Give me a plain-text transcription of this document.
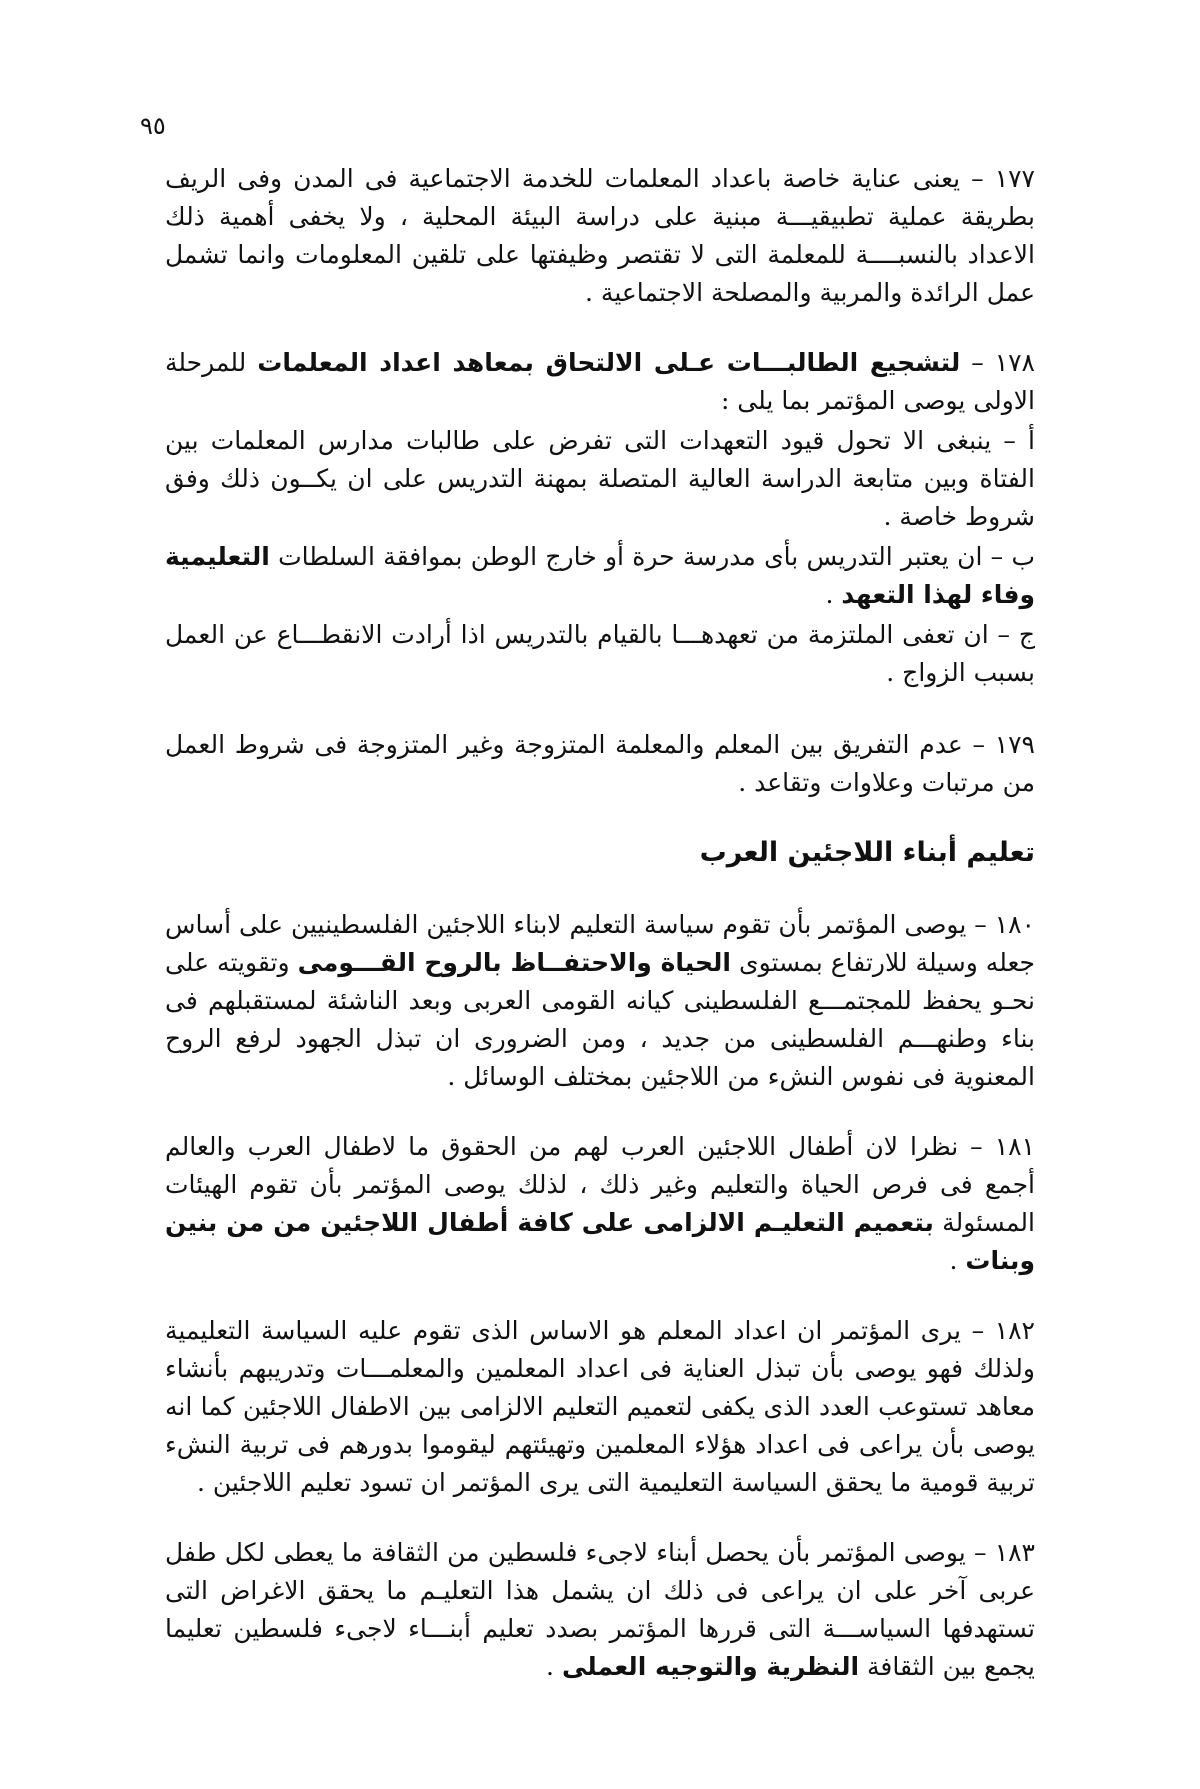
٩٥

١٧٧ – يعنى عناية خاصة باعداد المعلمات للخدمة الاجتماعية فى المدن وفى الريف بطريقة عملية تطبيقيـــة مبنية على دراسة البيئة المحلية ، ولا يخفى أهمية ذلك الاعداد بالنسبــــة للمعلمة التى لا تقتصر وظيفتها على تلقين المعلومات وانما تشمل عمل الرائدة والمربية والمصلحة الاجتماعية .

١٧٨ – لتشجيع الطالبـــات عـلى الالتحاق بمعاهد اعداد المعلمات للمرحلة الاولى يوصى المؤتمر بما يلى :

أ – ينبغى الا تحول قيود التعهدات التى تفرض على طالبات مدارس المعلمات بين الفتاة وبين متابعة الدراسة العالية المتصلة بمهنة التدريس على ان يكــون ذلك وفق شروط خاصة .

ب – ان يعتبر التدريس بأى مدرسة حرة أو خارج الوطن بموافقة السلطات التعليمية وفاء لهذا التعهد .

ج – ان تعفى الملتزمة من تعهدهـــا بالقيام بالتدريس اذا أرادت الانقطـــاع عن العمل بسبب الزواج .

١٧٩ – عدم التفريق بين المعلم والمعلمة المتزوجة وغير المتزوجة فى شروط العمل من مرتبات وعلاوات وتقاعد .

تعليم أبناء اللاجئين العرب

١٨٠ – يوصى المؤتمر بأن تقوم سياسة التعليم لابناء اللاجئين الفلسطينيين على أساس جعله وسيلة للارتفاع بمستوى الحياة والاحتفــاظ بالروح القـــومى وتقويته على نحـو يحفظ للمجتمـــع الفلسطينى كيانه القومى العربى وبعد الناشئة لمستقبلهم فى بناء وطنهـــم الفلسطينى من جديد ، ومن الضرورى ان تبذل الجهود لرفع الروح المعنوية فى نفوس النشء من اللاجئين بمختلف الوسائل .

١٨١ – نظرا لان أطفال اللاجئين العرب لهم من الحقوق ما لاطفال العرب والعالم أجمع فى فرص الحياة والتعليم وغير ذلك ، لذلك يوصى المؤتمر بأن تقوم الهيئات المسئولة بتعميم التعليـم الالزامى على كافة أطفال اللاجئين من من بنين وبنات .

١٨٢ – يرى المؤتمر ان اعداد المعلم هو الاساس الذى تقوم عليه السياسة التعليمية ولذلك فهو يوصى بأن تبذل العناية فى اعداد المعلمين والمعلمـــات وتدريبهم بأنشاء معاهد تستوعب العدد الذى يكفى لتعميم التعليم الالزامى بين الاطفال اللاجئين كما انه يوصى بأن يراعى فى اعداد هؤلاء المعلمين وتهيئتهم ليقوموا بدورهم فى تربية النشء تربية قومية ما يحقق السياسة التعليمية التى يرى المؤتمر ان تسود تعليم اللاجئين .

١٨٣ – يوصى المؤتمر بأن يحصل أبناء لاجىء فلسطين من الثقافة ما يعطى لكل طفل عربى آخر على ان يراعى فى ذلك ان يشمل هذا التعليـم ما يحقق الاغراض التى تستهدفها السياســـة التى قررها المؤتمر بصدد تعليم أبنـــاء لاجىء فلسطين تعليما يجمع بين الثقافة النظرية والتوجيه العملى .
